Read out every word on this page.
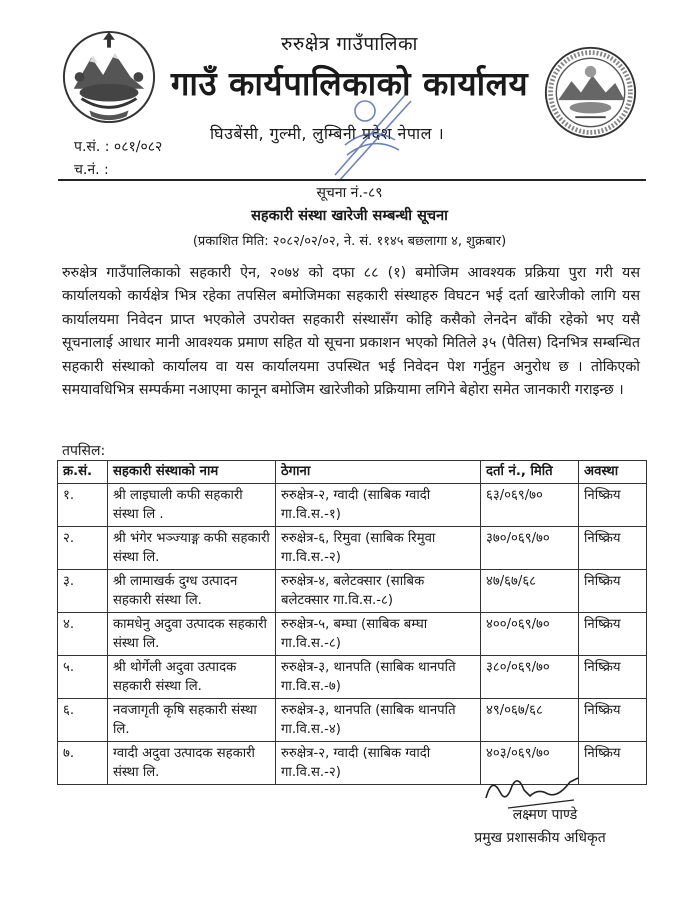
रुरुक्षेत्र गाउँपालिका
गाउँ कार्यपालिकाको कार्यालय
घिउबेंसी, गुल्मी, लुम्बिनी प्रदेश नेपाल ।
प.सं. : ०८१/०८२
च.नं. :
सूचना नं.-८९
सहकारी संस्था खारेजी सम्बन्धी सूचना
(प्रकाशित मिति: २०८२/०२/०२, ने. सं. ११४५ बछलागा ४, शुक्रबार)

रुरुक्षेत्र गाउँपालिकाको सहकारी ऐन, २०७४ को दफा ८८ (१) बमोजिम आवश्यक प्रक्रिया पुरा गरी यस कार्यालयको कार्यक्षेत्र भित्र रहेका तपसिल बमोजिमका सहकारी संस्थाहरु विघटन भई दर्ता खारेजीको लागि यस कार्यालयमा निवेदन प्राप्त भएकोले उपरोक्त सहकारी संस्थासँग कोहि कसैको लेनदेन बाँकी रहेको भए यसै सूचनालाई आधार मानी आवश्यक प्रमाण सहित यो सूचना प्रकाशन भएको मितिले ३५ (पैतिस) दिनभित्र सम्बन्धित सहकारी संस्थाको कार्यालय वा यस कार्यालयमा उपस्थित भई निवेदन पेश गर्नुहुन अनुरोध छ । तोकिएको समयावधिभित्र सम्पर्कमा नआएमा कानून बमोजिम खारेजीको प्रक्रियामा लगिने बेहोरा समेत जानकारी गराइन्छ ।

तपसिल:
क्र.सं.	सहकारी संस्थाको नाम	ठेगाना	दर्ता नं., मिति	अवस्था
१.	श्री लाइघाली कफी सहकारी संस्था लि .	रुरुक्षेत्र-२, ग्वादी (साबिक ग्वादी गा.वि.स.-१)	६३/०६९/७०	निष्क्रिय
२.	श्री भंगेर भञ्ज्याङ्ग कफी सहकारी संस्था लि.	रुरुक्षेत्र-६, रिमुवा (साबिक रिमुवा गा.वि.स.-२)	३७०/०६९/७०	निष्क्रिय
३.	श्री लामाखर्क दुग्ध उत्पादन सहकारी संस्था लि.	रुरुक्षेत्र-४, बलेटक्सार (साबिक बलेटक्सार गा.वि.स.-८)	४७/६७/६८	निष्क्रिय
४.	कामधेनु अदुवा उत्पादक सहकारी संस्था लि.	रुरुक्षेत्र-५, बम्घा (साबिक बम्घा गा.वि.स.-८)	४००/०६९/७०	निष्क्रिय
५.	श्री थोर्गेली अदुवा उत्पादक सहकारी संस्था लि.	रुरुक्षेत्र-३, थानपति (साबिक थानपति गा.वि.स.-७)	३८०/०६९/७०	निष्क्रिय
६.	नवजागृती कृषि सहकारी संस्था लि.	रुरुक्षेत्र-३, थानपति (साबिक थानपति गा.वि.स.-४)	४९/०६७/६८	निष्क्रिय
७.	ग्वादी अदुवा उत्पादक सहकारी संस्था लि.	रुरुक्षेत्र-२, ग्वादी (साबिक ग्वादी गा.वि.स.-२)	४०३/०६९/७०	निष्क्रिय
लक्ष्मण पाण्डे
प्रमुख प्रशासकीय अधिकृत
